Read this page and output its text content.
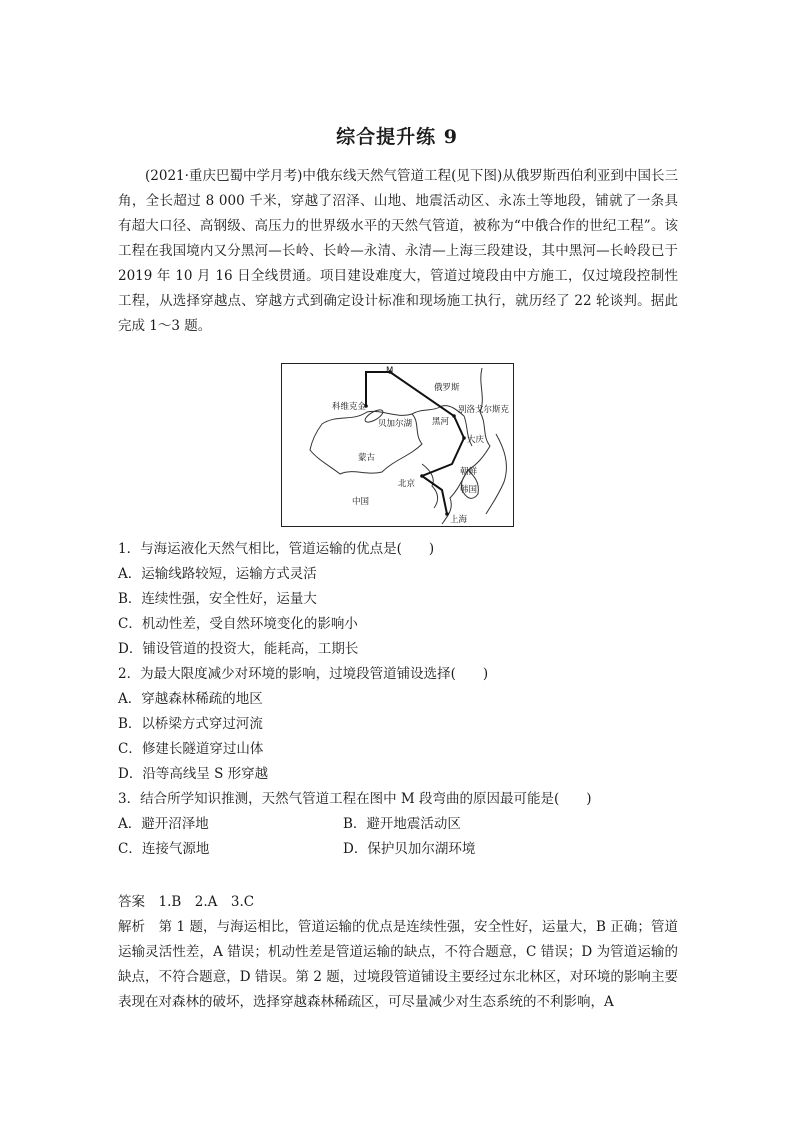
综合提升练 9
(2021·重庆巴蜀中学月考)中俄东线天然气管道工程(见下图)从俄罗斯西伯利亚到中国长三角，全长超过 8 000 千米，穿越了沼泽、山地、地震活动区、永冻土等地段，铺就了一条具有超大口径、高钢级、高压力的世界级水平的天然气管道，被称为“中俄合作的世纪工程”。该工程在我国境内又分黑河—长岭、长岭—永清、永清—上海三段建设，其中黑河—长岭段已于 2019 年 10 月 16 日全线贯通。项目建设难度大，管道过境段由中方施工，仅过境段控制性工程，从选择穿越点、穿越方式到确定设计标准和现场施工执行，就历经了 22 轮谈判。据此完成 1～3 题。
M
俄罗斯
科维克金	别洛戈尔斯克
贝加尔湖 黑河
大庆
蒙古
朝鲜
北京
韩国
中国
上海
1．与海运液化天然气相比，管道运输的优点是(　　)
A．运输线路较短，运输方式灵活
B．连续性强，安全性好，运量大
C．机动性差，受自然环境变化的影响小
D．铺设管道的投资大，能耗高，工期长
2．为最大限度减少对环境的影响，过境段管道铺设选择(　　)
A．穿越森林稀疏的地区
B．以桥梁方式穿过河流
C．修建长隧道穿过山体
D．沿等高线呈 S 形穿越
3．结合所学知识推测，天然气管道工程在图中 M 段弯曲的原因最可能是(　　)
A．避开沼泽地	B．避开地震活动区
C．连接气源地	D．保护贝加尔湖环境
答案　1.B　2.A　3.C
解析　第 1 题，与海运相比，管道运输的优点是连续性强，安全性好，运量大，B 正确；管道运输灵活性差，A 错误；机动性差是管道运输的缺点，不符合题意，C 错误；D 为管道运输的缺点，不符合题意，D 错误。第 2 题，过境段管道铺设主要经过东北林区，对环境的影响主要表现在对森林的破坏，选择穿越森林稀疏区，可尽量减少对生态系统的不利影响，A
